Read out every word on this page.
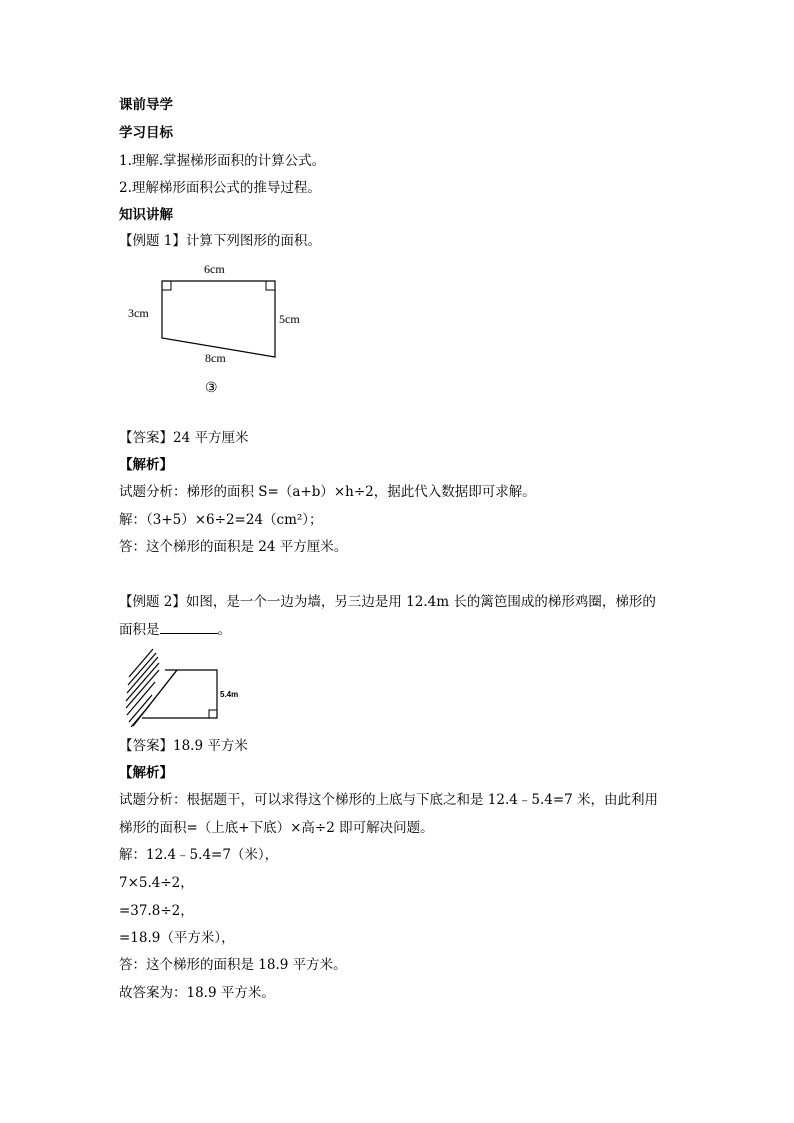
课前导学
学习目标
1.理解.掌握梯形面积的计算公式。
2.理解梯形面积公式的推导过程。
知识讲解
【例题 1】计算下列图形的面积。
6cm
3cm	5cm
8cm
③
【答案】24 平方厘米
【解析】
试题分析：梯形的面积 S=（a+b）×h÷2，据此代入数据即可求解。
解：（3+5）×6÷2=24（cm²）；
答：这个梯形的面积是 24 平方厘米。
【例题 2】如图，是一个一边为墙，另三边是用 12.4m 长的篱笆围成的梯形鸡圈，梯形的
面积是	。
5.4m
【答案】18.9 平方米
【解析】
试题分析：根据题干，可以求得这个梯形的上底与下底之和是 12.4﹣5.4=7 米，由此利用
梯形的面积=（上底+下底）×高÷2 即可解决问题。
解：12.4﹣5.4=7（米），
7×5.4÷2，
=37.8÷2，
=18.9（平方米），
答：这个梯形的面积是 18.9 平方米。
故答案为：18.9 平方米。
